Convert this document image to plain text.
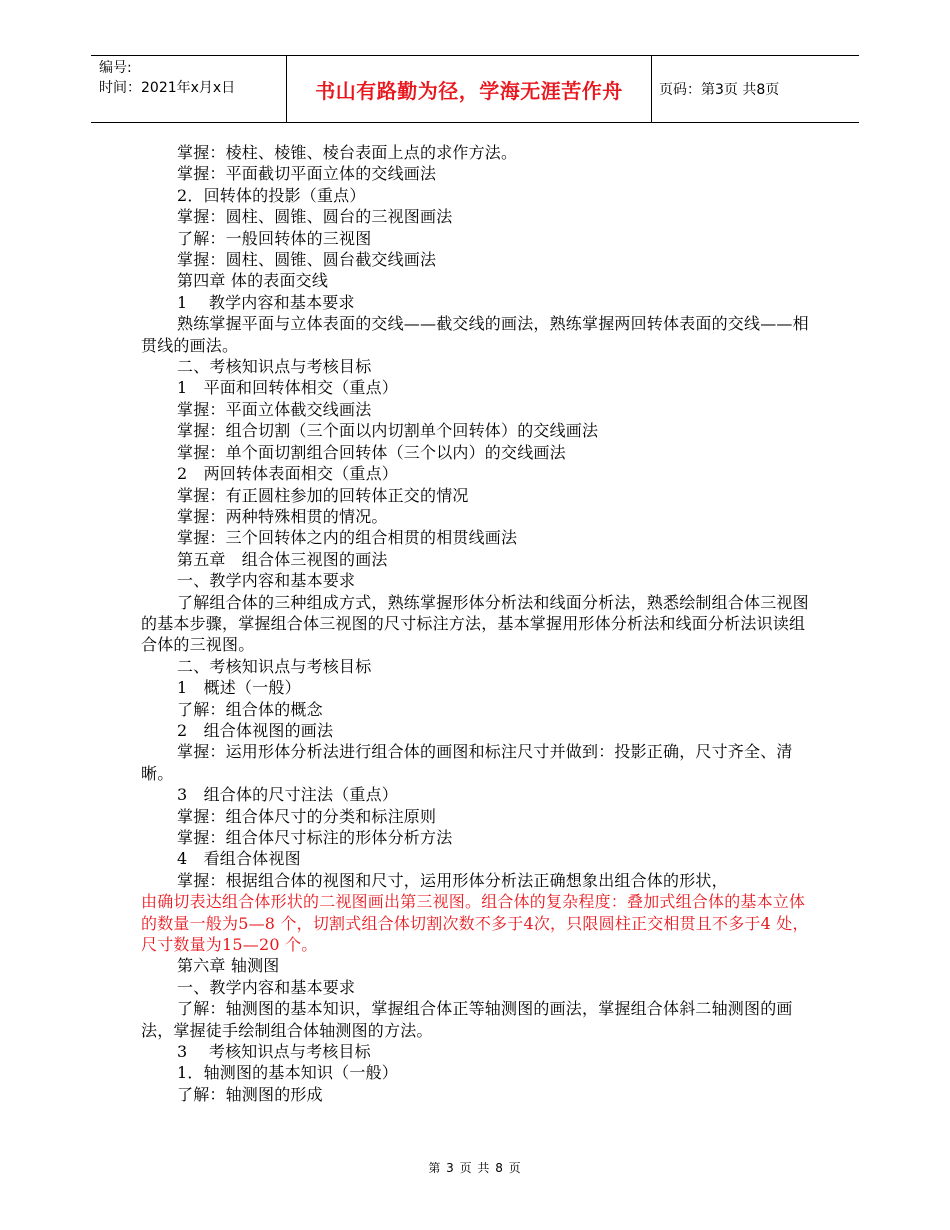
编号:
时间：2021年x月x日	书山有路勤为径，学海无涯苦作舟	页码：第3页 共8页

掌握：棱柱、棱锥、棱台表面上点的求作方法。

掌握：平面截切平面立体的交线画法

2．回转体的投影（重点）

掌握：圆柱、圆锥、圆台的三视图画法

了解：一般回转体的三视图

掌握：圆柱、圆锥、圆台截交线画法

第四章 体的表面交线

1　 教学内容和基本要求

熟练掌握平面与立体表面的交线——截交线的画法，熟练掌握两回转体表面的交线——相贯线的画法。

二、考核知识点与考核目标

1　平面和回转体相交（重点）

掌握：平面立体截交线画法

掌握：组合切割（三个面以内切割单个回转体）的交线画法

掌握：单个面切割组合回转体（三个以内）的交线画法

2　两回转体表面相交（重点）

掌握：有正圆柱参加的回转体正交的情况

掌握：两种特殊相贯的情况。

掌握：三个回转体之内的组合相贯的相贯线画法

第五章　组合体三视图的画法

一、教学内容和基本要求

了解组合体的三种组成方式，熟练掌握形体分析法和线面分析法，熟悉绘制组合体三视图的基本步骤，掌握组合体三视图的尺寸标注方法，基本掌握用形体分析法和线面分析法识读组合体的三视图。

二、考核知识点与考核目标

1　概述（一般）

了解：组合体的概念

2　组合体视图的画法

掌握：运用形体分析法进行组合体的画图和标注尺寸并做到：投影正确，尺寸齐全、清晰。

3　组合体的尺寸注法（重点）

掌握：组合体尺寸的分类和标注原则

掌握：组合体尺寸标注的形体分析方法

4　看组合体视图

掌握：根据组合体的视图和尺寸，运用形体分析法正确想象出组合体的形状，

由确切表达组合体形状的二视图画出第三视图。组合体的复杂程度：叠加式组合体的基本立体的数量一般为5—8 个，切割式组合体切割次数不多于4次，只限圆柱正交相贯且不多于4 处，尺寸数量为15—20 个。

第六章 轴测图

一、教学内容和基本要求

了解：轴测图的基本知识，掌握组合体正等轴测图的画法，掌握组合体斜二轴测图的画法，掌握徒手绘制组合体轴测图的方法。

3　 考核知识点与考核目标

1．轴测图的基本知识（一般）

了解：轴测图的形成

第 3 页 共 8 页
